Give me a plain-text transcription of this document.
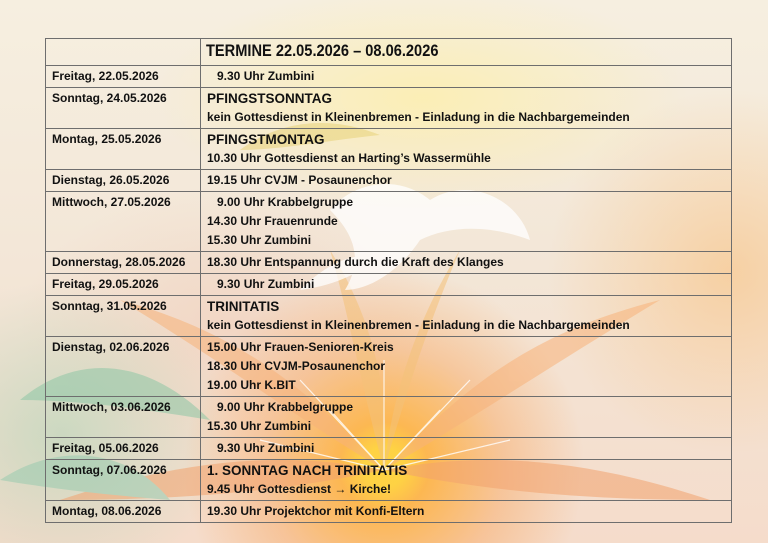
	TERMINE 22.05.2026 – 08.06.2026
Freitag, 22.05.2026	9.30 Uhr Zumbini

Sonntag, 24.05.2026	PFINGSTSONNTAG
kein Gottesdienst in Kleinenbremen - Einladung in die Nachbargemeinden

Montag, 25.05.2026	PFINGSTMONTAG
10.30 Uhr Gottesdienst an Harting’s Wassermühle

Dienstag, 26.05.2026	19.15 Uhr CVJM - Posaunenchor

Mittwoch, 27.05.2026	9.00 Uhr Krabbelgruppe
14.30 Uhr Frauenrunde
15.30 Uhr Zumbini

Donnerstag, 28.05.2026	18.30 Uhr Entspannung durch die Kraft des Klanges

Freitag, 29.05.2026	9.30 Uhr Zumbini

Sonntag, 31.05.2026	TRINITATIS
kein Gottesdienst in Kleinenbremen - Einladung in die Nachbargemeinden

Dienstag, 02.06.2026	15.00 Uhr Frauen-Senioren-Kreis
18.30 Uhr CVJM-Posaunenchor
19.00 Uhr K.BIT

Mittwoch, 03.06.2026	9.00 Uhr Krabbelgruppe
15.30 Uhr Zumbini

Freitag, 05.06.2026	9.30 Uhr Zumbini

Sonntag, 07.06.2026	1. SONNTAG NACH TRINITATIS
9.45 Uhr Gottesdienst → Kirche!

Montag, 08.06.2026	19.30 Uhr Projektchor mit Konfi-Eltern
